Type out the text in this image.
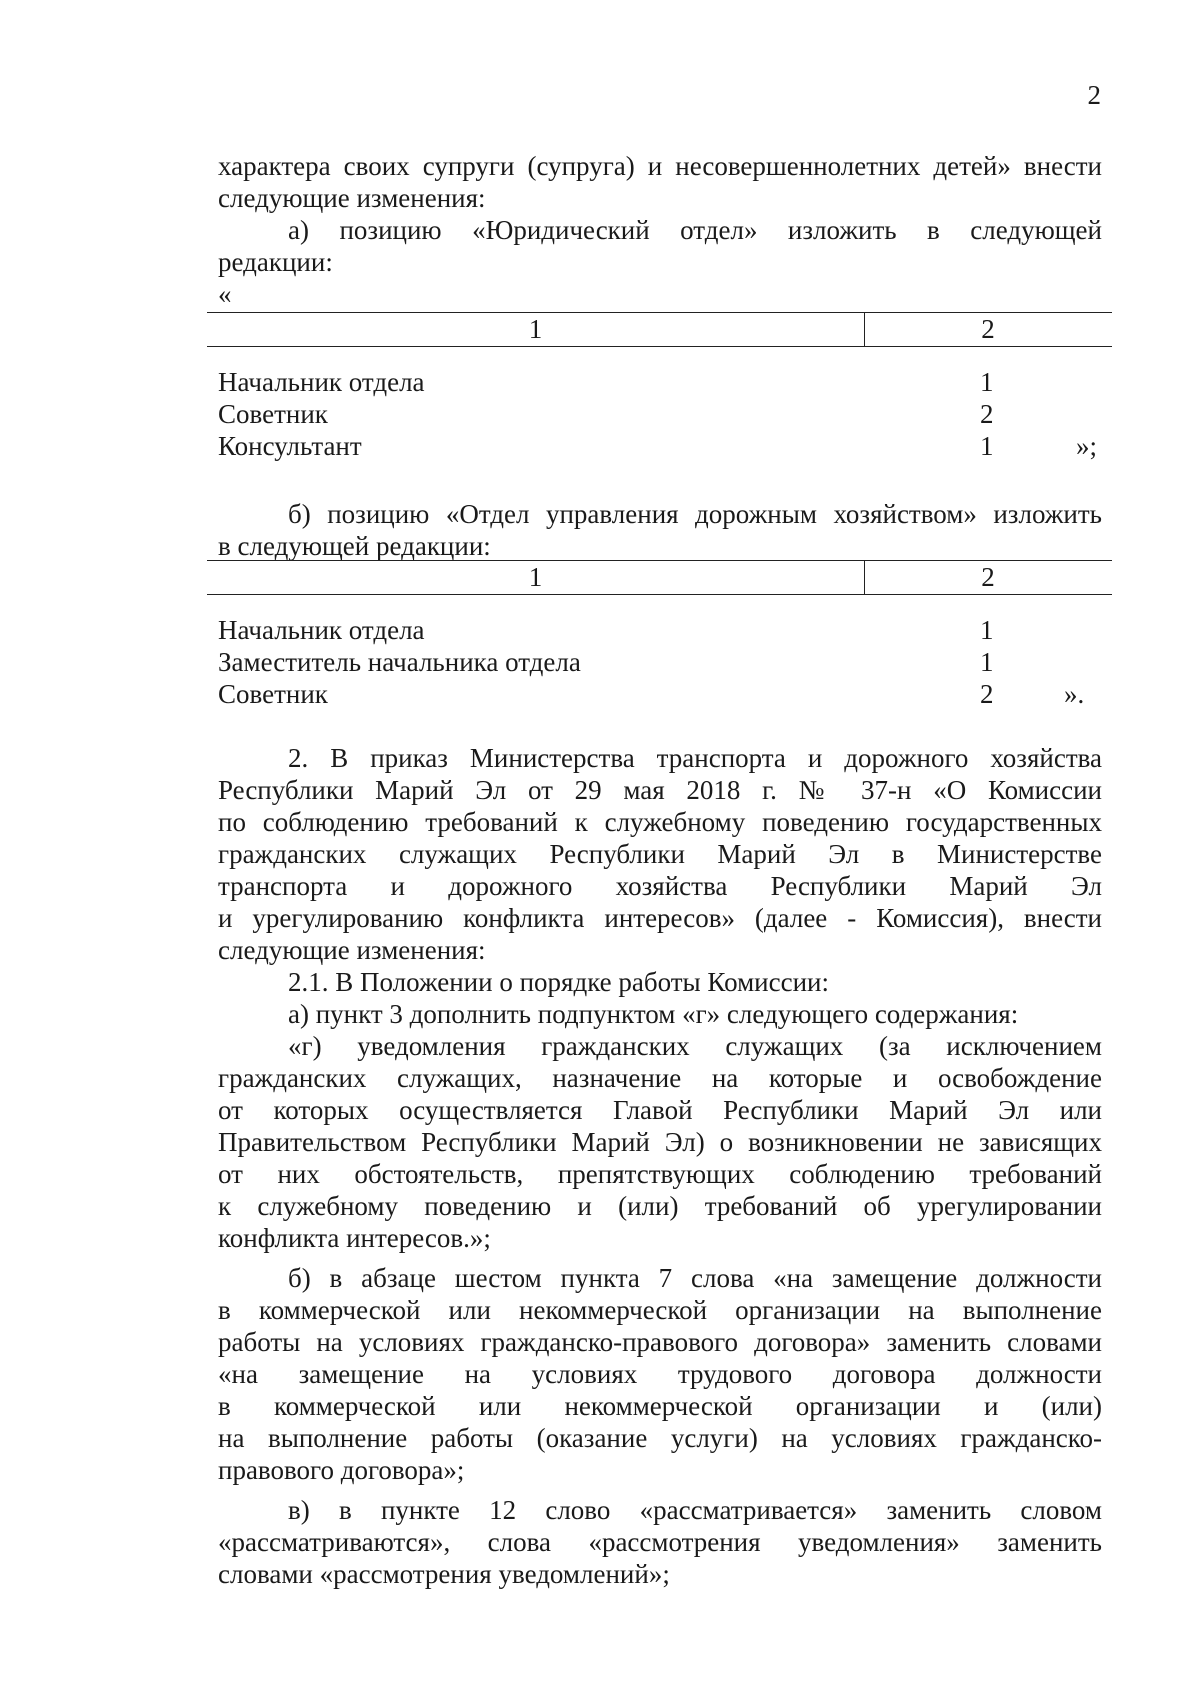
2
характера своих супруги (супруга) и несовершеннолетних детей» внести
следующие изменения:
а) позицию «Юридический отдел» изложить в следующей
редакции:
«
1	2
Начальник отдела	1
Советник	2
Консультант	1	»;
б) позицию «Отдел управления дорожным хозяйством» изложить
в следующей редакции:
1	2
Начальник отдела	1
Заместитель начальника отдела	1
Советник	2	».
2. В приказ Министерства транспорта и дорожного хозяйства
Республики Марий Эл от 29 мая 2018 г. № 37-н «О Комиссии
по соблюдению требований к служебному поведению государственных
гражданских служащих Республики Марий Эл в Министерстве
транспорта и дорожного хозяйства Республики Марий Эл
и урегулированию конфликта интересов» (далее - Комиссия), внести
следующие изменения:
2.1. В Положении о порядке работы Комиссии:
а) пункт 3 дополнить подпунктом «г» следующего содержания:
«г) уведомления гражданских служащих (за исключением
гражданских служащих, назначение на которые и освобождение
от которых осуществляется Главой Республики Марий Эл или
Правительством Республики Марий Эл) о возникновении не зависящих
от них обстоятельств, препятствующих соблюдению требований
к служебному поведению и (или) требований об урегулировании
конфликта интересов.»;
б) в абзаце шестом пункта 7 слова «на замещение должности
в коммерческой или некоммерческой организации на выполнение
работы на условиях гражданско-правового договора» заменить словами
«на замещение на условиях трудового договора должности
в коммерческой или некоммерческой организации и (или)
на выполнение работы (оказание услуги) на условиях гражданско-
правового договора»;
в) в пункте 12 слово «рассматривается» заменить словом
«рассматриваются», слова «рассмотрения уведомления» заменить
словами «рассмотрения уведомлений»;
